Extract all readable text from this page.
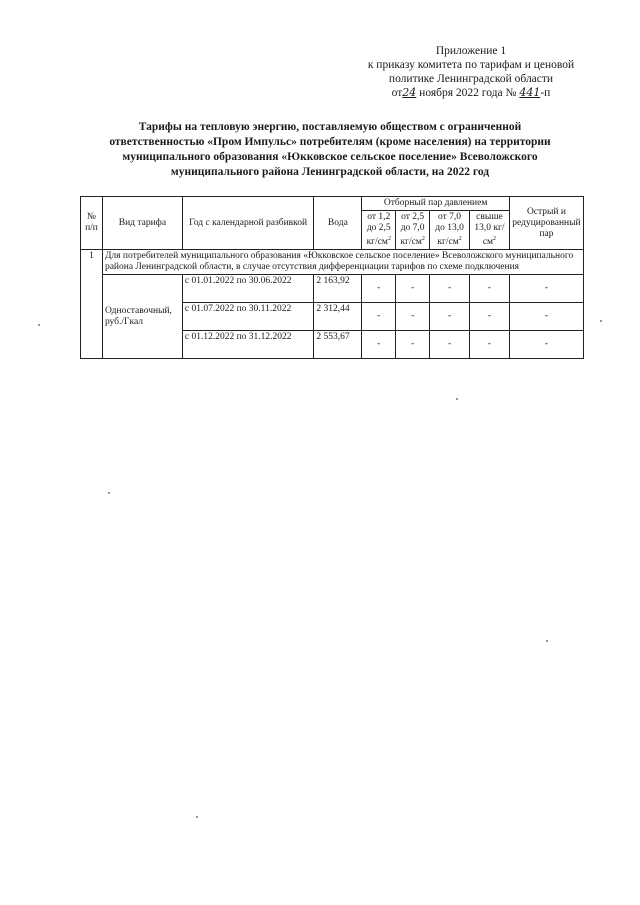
Приложение 1
к приказу комитета по тарифам и ценовой
политике Ленинградской области
от24 ноября 2022 года № 441-п
Тарифы на тепловую энергию, поставляемую обществом с ограниченной ответственностью «Пром Импульс» потребителям (кроме населения) на территории муниципального образования «Юкковское сельское поселение» Всеволожского муниципального района Ленинградской области, на 2022 год
№ п/п	Вид тарифа	Год с календарной разбивкой	Вода	Отборный пар давлением				Острый и редуцированный пар
				от 1,2 до 2,5 $кг/см^2$	от 2,5 до 7,0 $кг/см^2$	от 7,0 до 13,0 $кг/см^2$	свыше 13,0 $кг/см^2$
1	Для потребителей муниципального образования «Юкковское сельское поселение» Всеволожского муниципального района Ленинградской области, в случае отсутствия дифференциации тарифов по схеме подключения							
	Одноставочный, руб./Гкал	с 01.01.2022 по 30.06.2022	2 163,92	-	-	-	-	-
		с 01.07.2022 по 30.11.2022	2 312,44	-	-	-	-	-
		с 01.12.2022 по 31.12.2022	2 553,67	-	-	-	-	-
